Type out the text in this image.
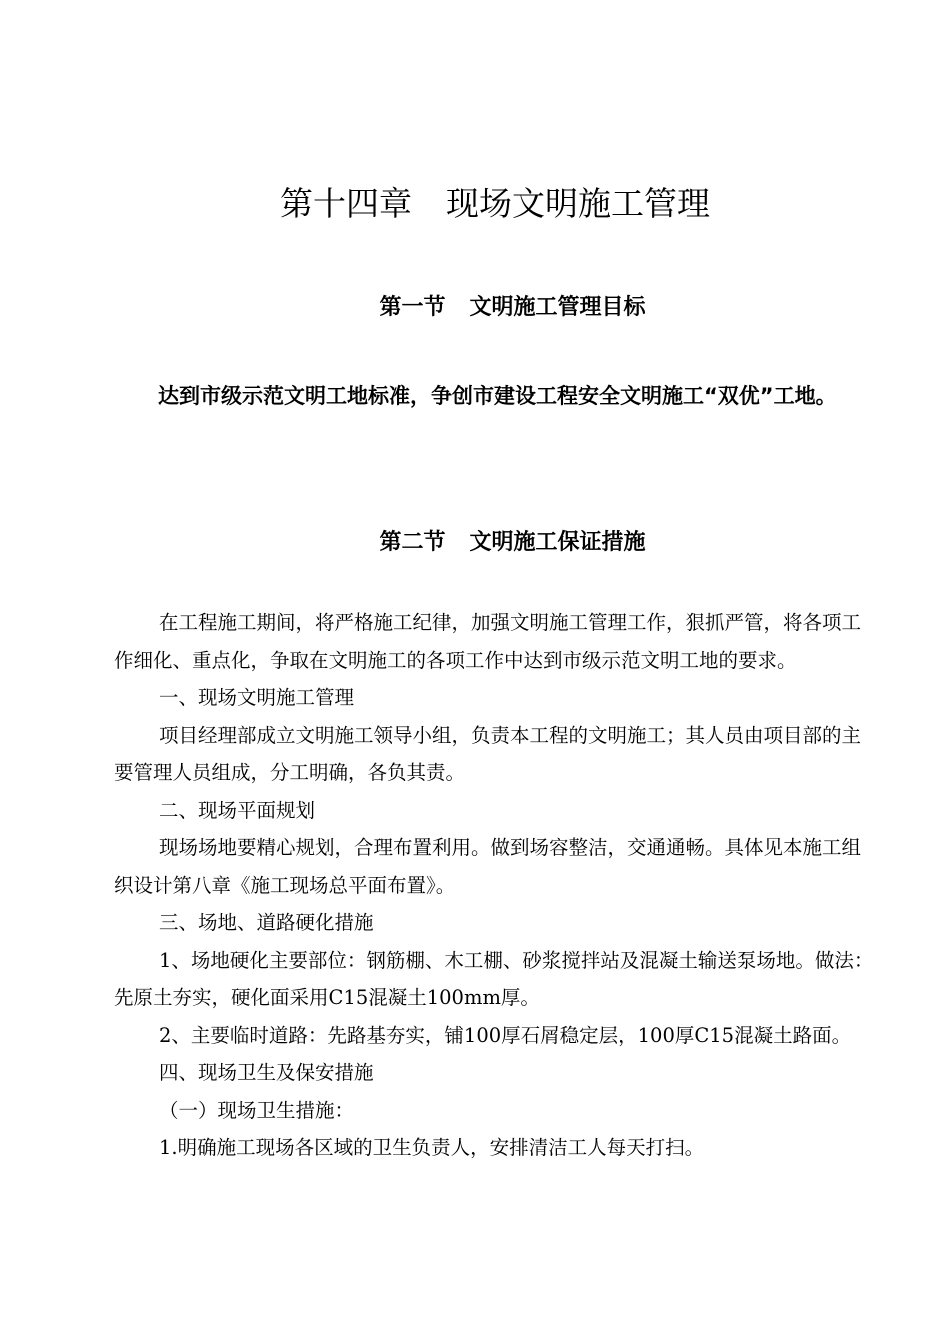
第十四章 现场文明施工管理
第一节 文明施工管理目标
达到市级示范文明工地标准，争创市建设工程安全文明施工“双优”工地。
第二节 文明施工保证措施

在工程施工期间，将严格施工纪律，加强文明施工管理工作，狠抓严管，将各项工作细化、重点化，争取在文明施工的各项工作中达到市级示范文明工地的要求。

一、现场文明施工管理

项目经理部成立文明施工领导小组，负责本工程的文明施工；其人员由项目部的主要管理人员组成，分工明确，各负其责。

二、现场平面规划

现场场地要精心规划，合理布置利用。做到场容整洁，交通通畅。具体见本施工组织设计第八章《施工现场总平面布置》。

三、场地、道路硬化措施

1、场地硬化主要部位：钢筋棚、木工棚、砂浆搅拌站及混凝土输送泵场地。做法：先原土夯实，硬化面采用C15混凝土100mm厚。

2、主要临时道路：先路基夯实，铺100厚石屑稳定层，100厚C15混凝土路面。

四、现场卫生及保安措施

（一）现场卫生措施：

1.明确施工现场各区域的卫生负责人，安排清洁工人每天打扫。
